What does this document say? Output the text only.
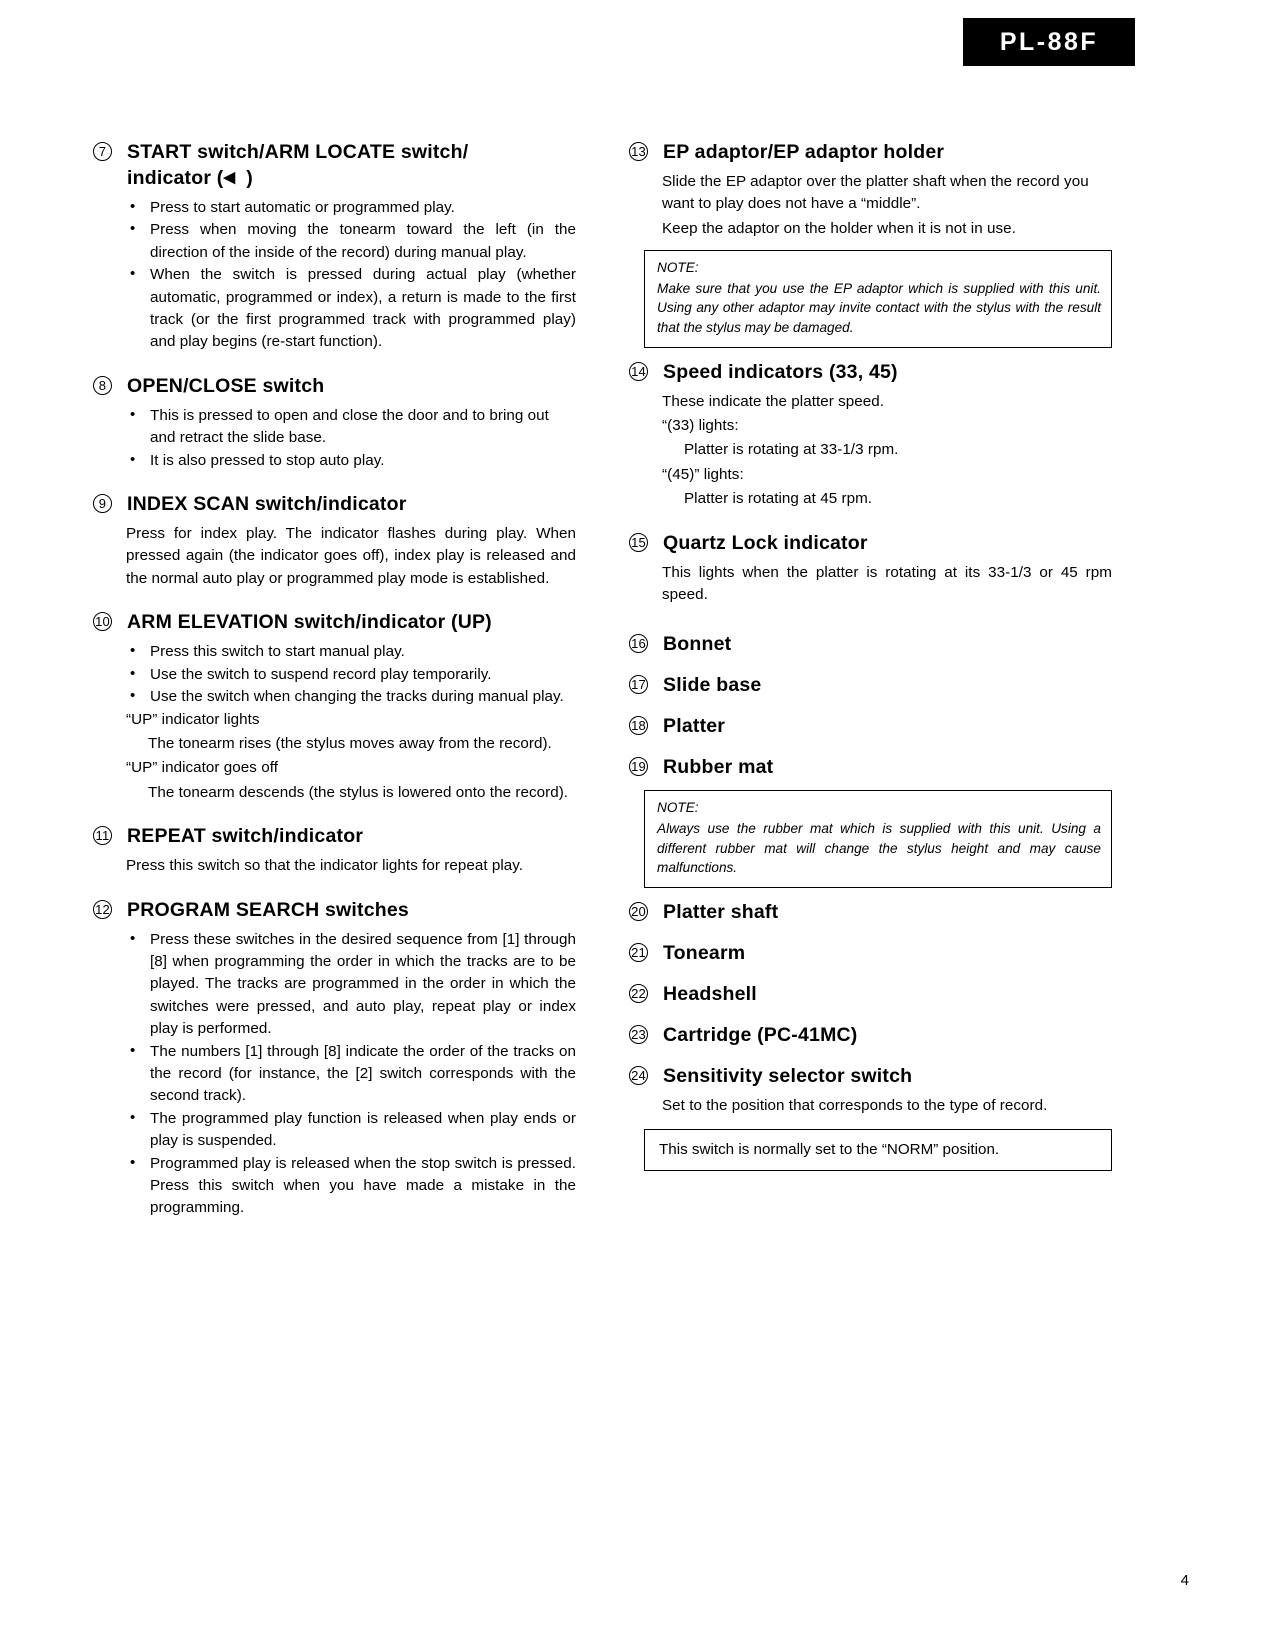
PL-88F
7	START switch/ARM LOCATE switch/
indicator (◀ )
• Press to start automatic or programmed play.
• Press when moving the tonearm toward the left (in the direction of the inside of the record) during manual play.
• When the switch is pressed during actual play (whether automatic, programmed or index), a return is made to the first track (or the first programmed track with programmed play) and play begins (re-start function).
8	OPEN/CLOSE switch
• This is pressed to open and close the door and to bring out and retract the slide base.
• It is also pressed to stop auto play.
9	INDEX SCAN switch/indicator

Press for index play. The indicator flashes during play. When pressed again (the indicator goes off), index play is released and the normal auto play or programmed play mode is established.

10 ARM ELEVATION switch/indicator (UP)
• Press this switch to start manual play.
• Use the switch to suspend record play temporarily.
• Use the switch when changing the tracks during manual play.

“UP” indicator lights

The tonearm rises (the stylus moves away from the record).

“UP” indicator goes off

The tonearm descends (the stylus is lowered onto the record).

11 REPEAT switch/indicator

Press this switch so that the indicator lights for repeat play.

12 PROGRAM SEARCH switches
• Press these switches in the desired sequence from [1] through [8] when programming the order in which the tracks are to be played. The tracks are programmed in the order in which the switches were pressed, and auto play, repeat play or index play is performed.
• The numbers [1] through [8] indicate the order of the tracks on the record (for instance, the [2] switch corresponds with the second track).
• The programmed play function is released when play ends or play is suspended.
• Programmed play is released when the stop switch is pressed. Press this switch when you have made a mistake in the programming.
13 EP adaptor/EP adaptor holder

Slide the EP adaptor over the platter shaft when the record you want to play does not have a “middle”.

Keep the adaptor on the holder when it is not in use.

NOTE:

Make sure that you use the EP adaptor which is supplied with this unit. Using any other adaptor may invite contact with the stylus with the result that the stylus may be damaged.

14 Speed indicators (33, 45)

These indicate the platter speed.

“(33) lights:

Platter is rotating at 33-1/3 rpm.

“(45)” lights:

Platter is rotating at 45 rpm.

15 Quartz Lock indicator

This lights when the platter is rotating at its 33-1/3 or 45 rpm speed.

16 Bonnet
17 Slide base
18 Platter
19 Rubber mat
NOTE:

Always use the rubber mat which is supplied with this unit. Using a different rubber mat will change the stylus height and may cause malfunctions.

20 Platter shaft
21 Tonearm
22 Headshell
23 Cartridge (PC-41MC)
24 Sensitivity selector switch

Set to the position that corresponds to the type of record.

This switch is normally set to the “NORM” position.
4
